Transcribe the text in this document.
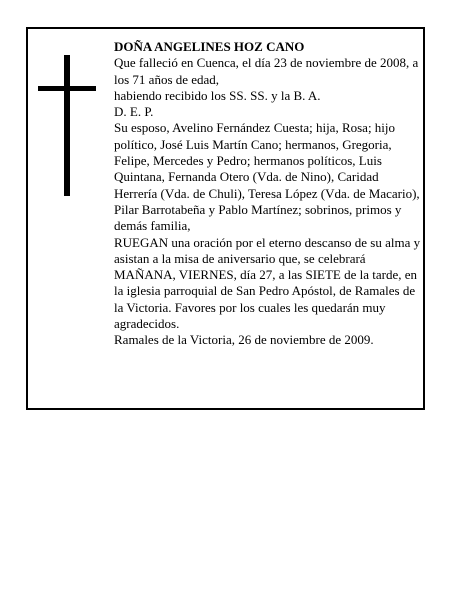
DOÑA ANGELINES HOZ CANO

Que falleció en Cuenca, el día 23 de noviembre de 2008, a los 71 años de edad,

habiendo recibido los SS. SS. y la B. A.

D. E. P.

Su esposo, Avelino Fernández Cuesta; hija, Rosa; hijo político, José Luis Martín Cano; hermanos, Gregoria, Felipe, Mercedes y Pedro; hermanos políticos, Luis Quintana, Fernanda Otero (Vda. de Nino), Caridad Herrería (Vda. de Chuli), Teresa López (Vda. de Macario), Pilar Barrotabeña y Pablo Martínez; sobrinos, primos y demás familia,

RUEGAN una oración por el eterno descanso de su alma y asistan a la misa de aniversario que, se celebrará MAÑANA, VIERNES, día 27, a las SIETE de la tarde, en la iglesia parroquial de San Pedro Apóstol, de Ramales de la Victoria. Favores por los cuales les quedarán muy agradecidos.

Ramales de la Victoria, 26 de noviembre de 2009.
